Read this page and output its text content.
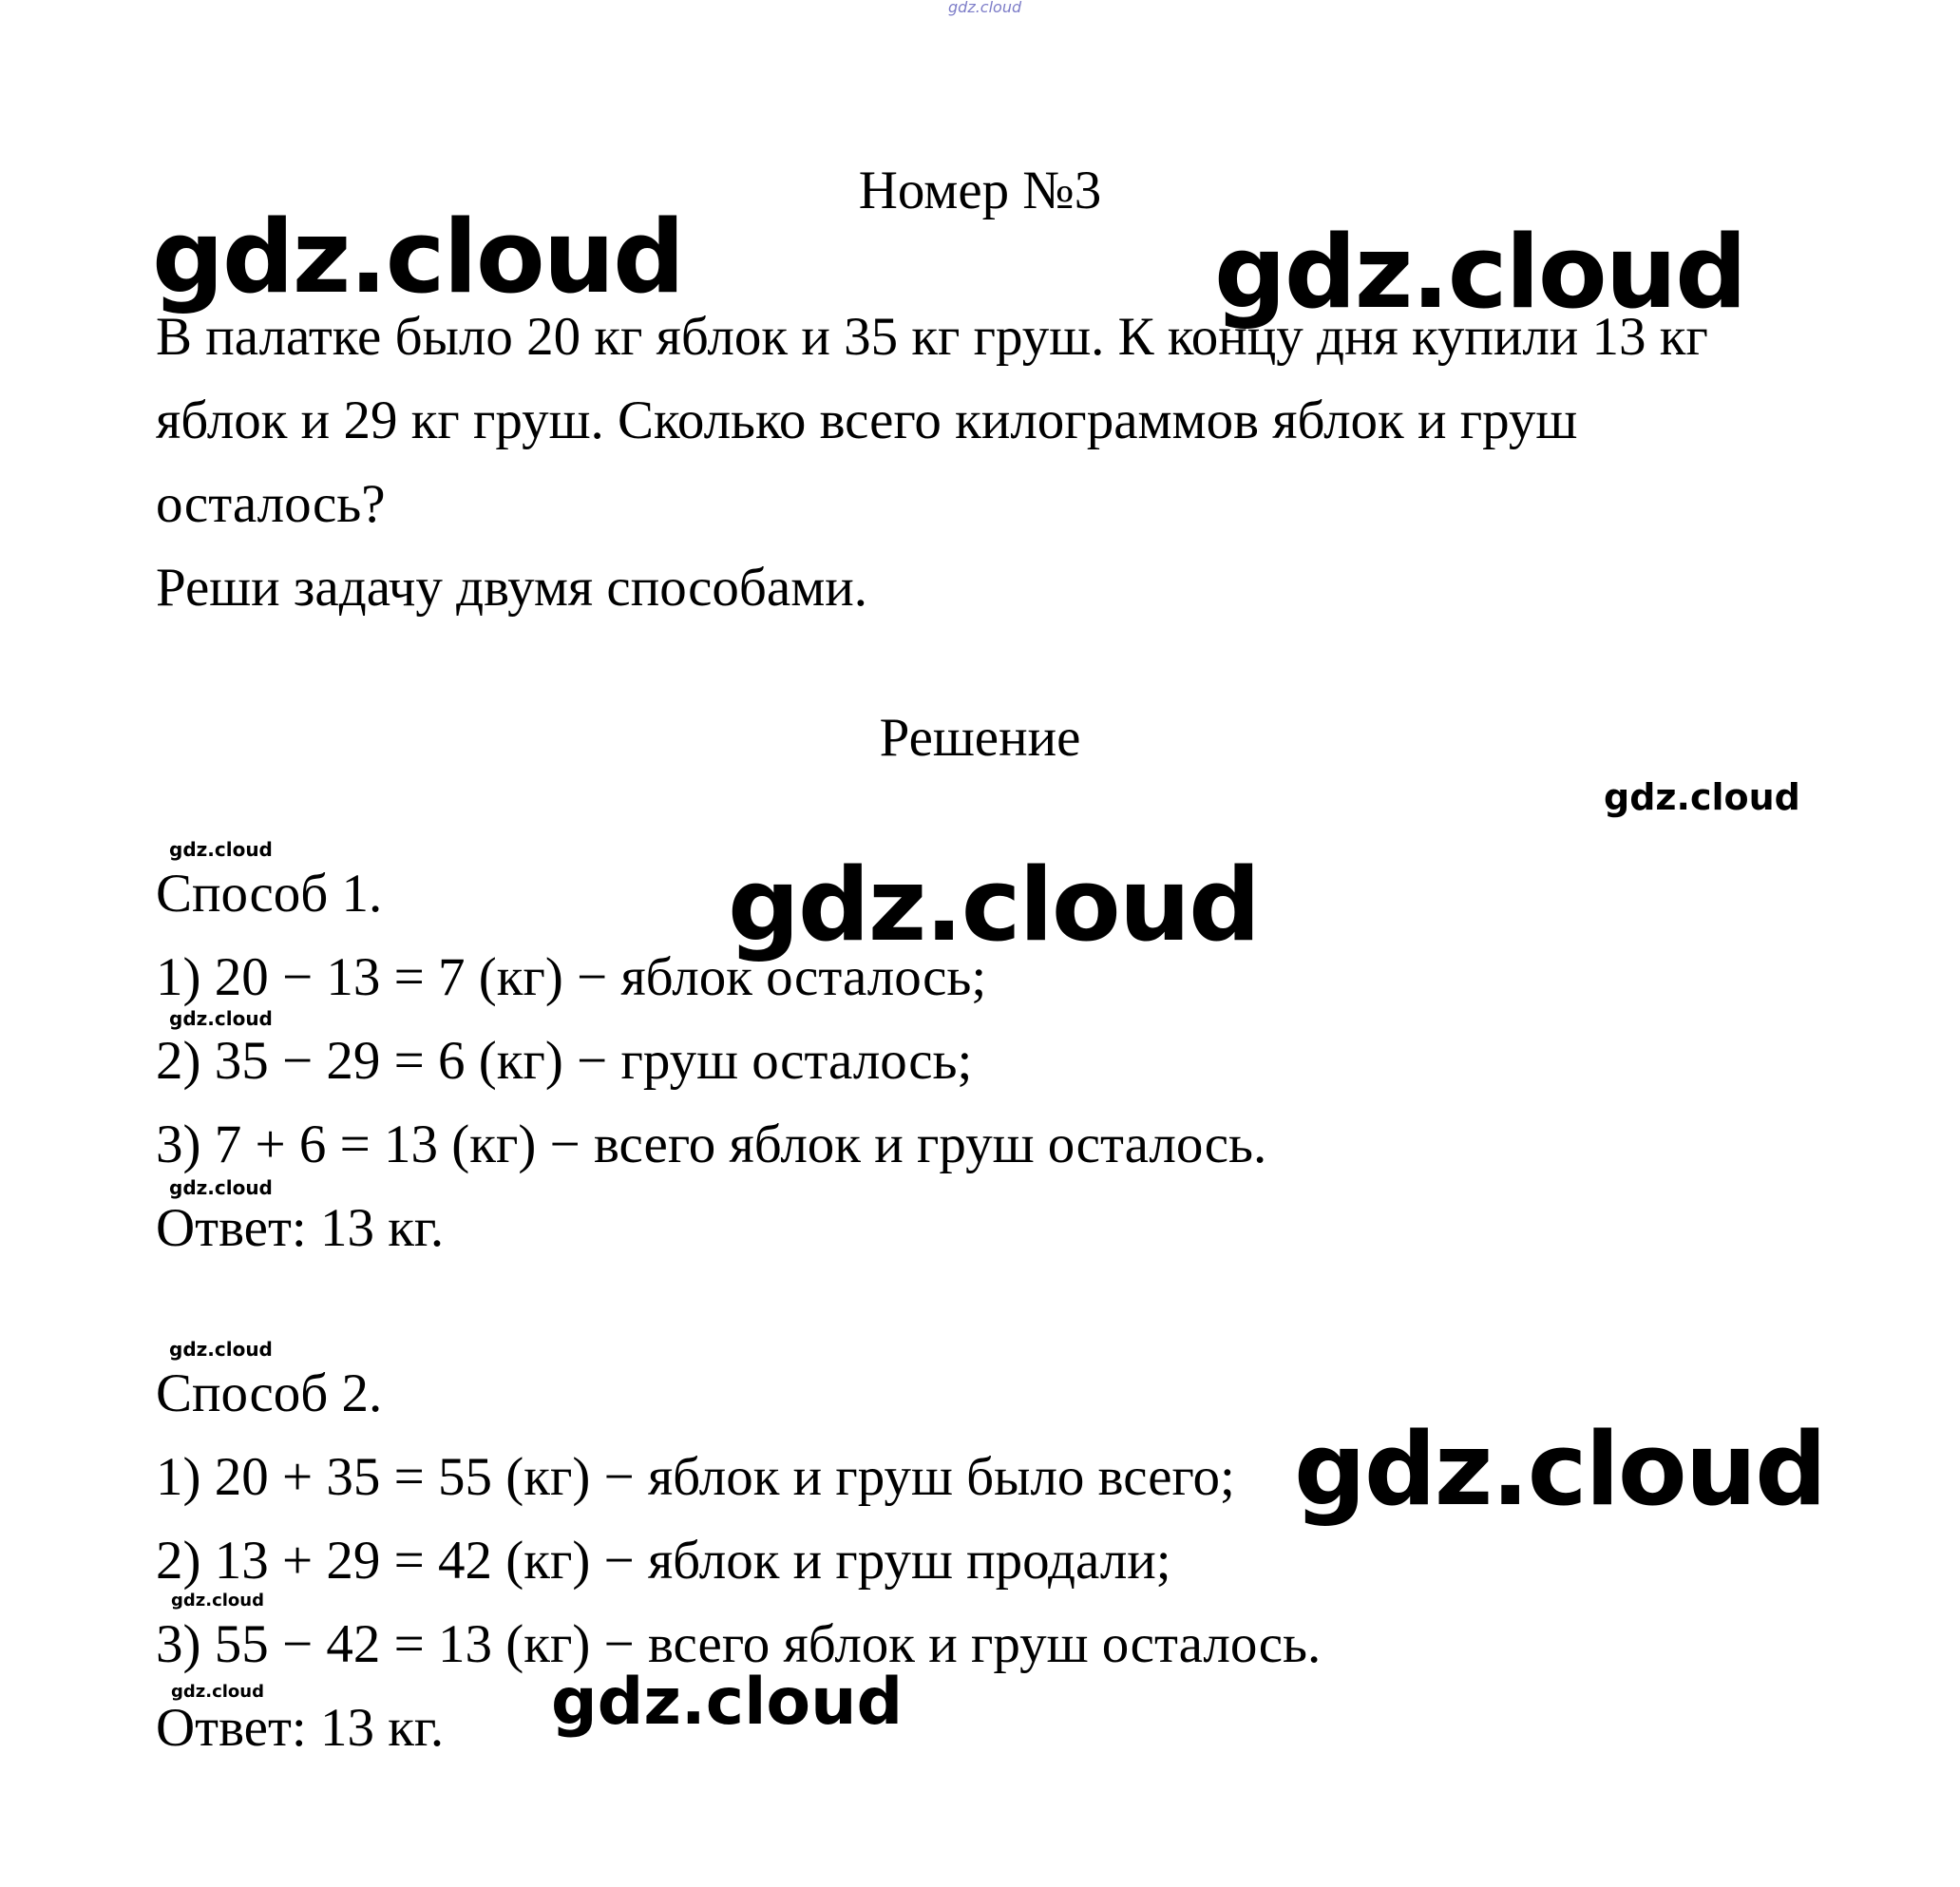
gdz.cloud
Номер №3
gdz.cloud	gdz.cloud
В палатке было 20 кг яблок и 35 кг груш. К концу дня купили 13 кг
яблок и 29 кг груш. Сколько всего килограммов яблок и груш
осталось?
Реши задачу двумя способами.
Решение
gdz.cloud
gdz.cloud
Способ 1.	gdz.cloud
1) 20 − 13 = 7 (кг) − яблок осталось;
gdz.cloud
2) 35 − 29 = 6 (кг) − груш осталось;
3) 7 + 6 = 13 (кг) − всего яблок и груш осталось.
gdz.cloud
Ответ: 13 кг.
gdz.cloud
Способ 2.
1) 20 + 35 = 55 (кг) − яблок и груш было всего; gdz.cloud
2) 13 + 29 = 42 (кг) − яблок и груш продали;
gdz.cloud
3) 55 − 42 = 13 (кг) − всего яблок и груш осталось.
gdz.cloud
Ответ: 13 кг. gdz.cloud
